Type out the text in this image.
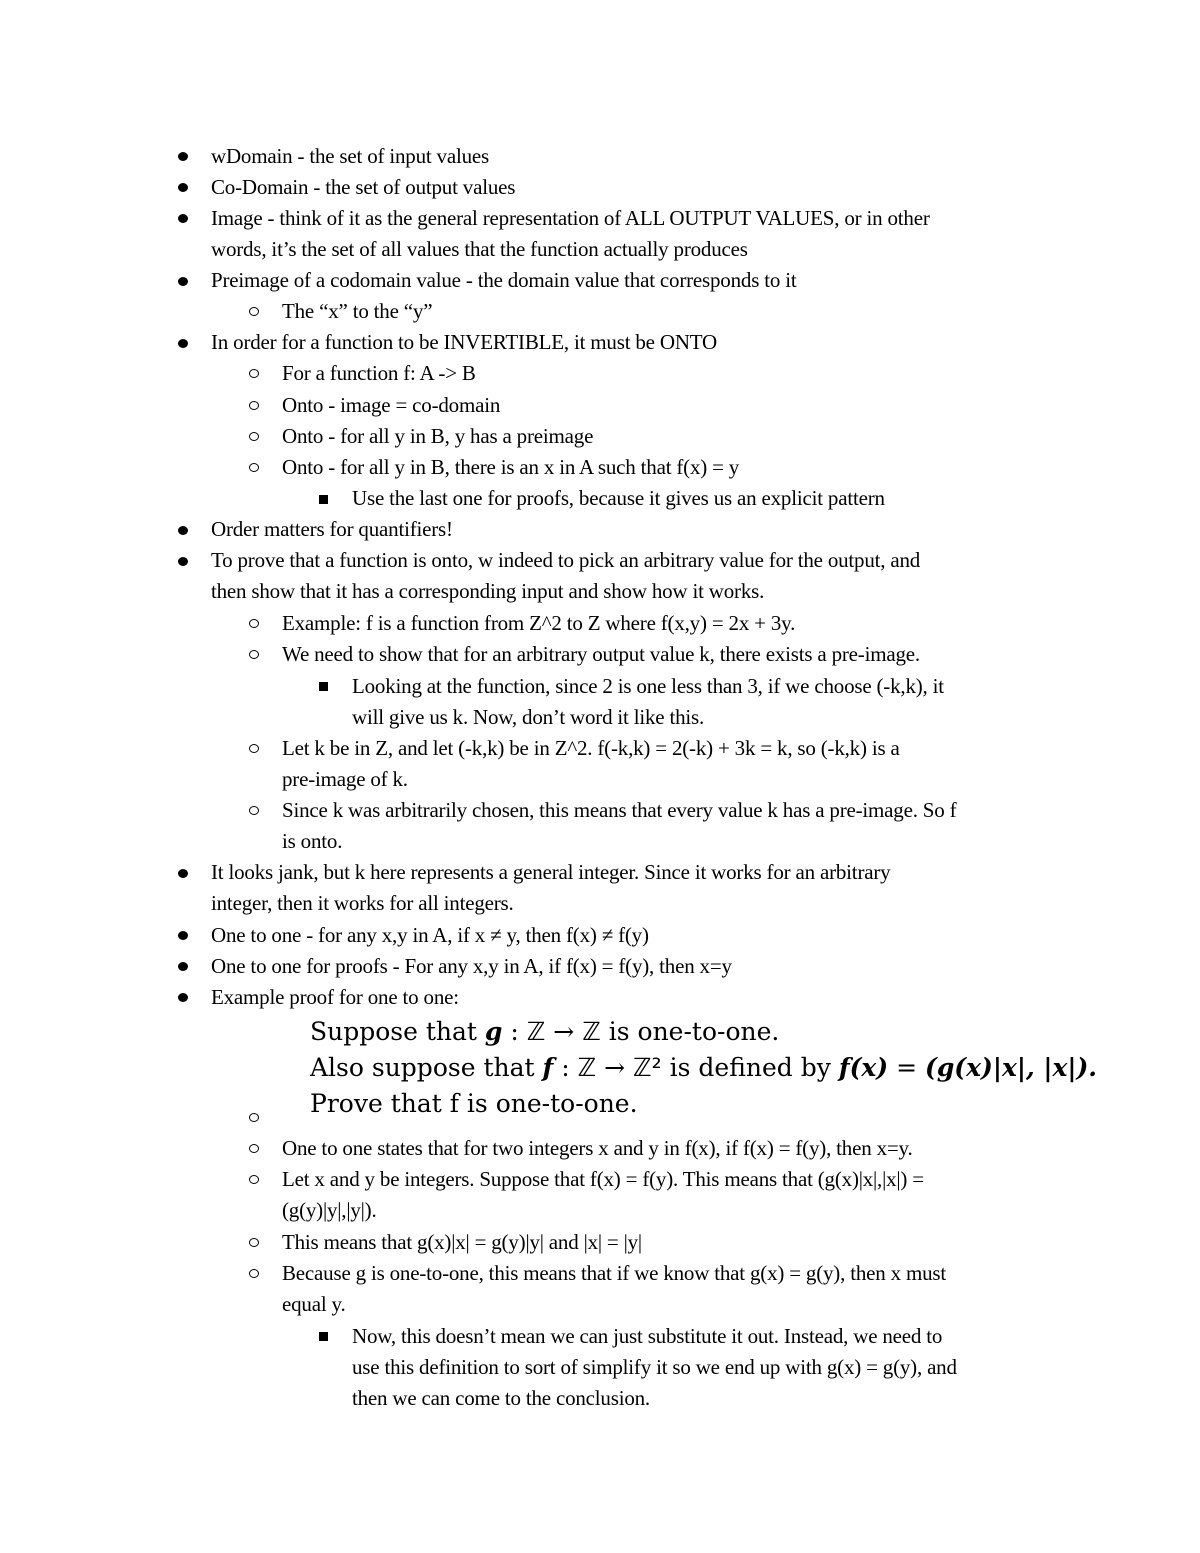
wDomain - the set of input values
Co-Domain - the set of output values
Image - think of it as the general representation of ALL OUTPUT VALUES, or in other
words, it’s the set of all values that the function actually produces
Preimage of a codomain value - the domain value that corresponds to it
The “x” to the “y”
In order for a function to be INVERTIBLE, it must be ONTO
For a function f: A -> B
Onto - image = co-domain
Onto - for all y in B, y has a preimage
Onto - for all y in B, there is an x in A such that f(x) = y
Use the last one for proofs, because it gives us an explicit pattern
Order matters for quantifiers!
To prove that a function is onto, w indeed to pick an arbitrary value for the output, and
then show that it has a corresponding input and show how it works.
Example: f is a function from Z^2 to Z where f(x,y) = 2x + 3y.
We need to show that for an arbitrary output value k, there exists a pre-image.
Looking at the function, since 2 is one less than 3, if we choose (-k,k), it
will give us k. Now, don’t word it like this.
Let k be in Z, and let (-k,k) be in Z^2. f(-k,k) = 2(-k) + 3k = k, so (-k,k) is a
pre-image of k.
Since k was arbitrarily chosen, this means that every value k has a pre-image. So f
is onto.
It looks jank, but k here represents a general integer. Since it works for an arbitrary
integer, then it works for all integers.
One to one - for any x,y in A, if x ≠ y, then f(x) ≠ f(y)
One to one for proofs - For any x,y in A, if f(x) = f(y), then x=y
Example proof for one to one:
Suppose that g : ℤ → ℤ is one-to-one.
Also suppose that f : ℤ → ℤ² is defined by f(x) = (g(x)|x|, |x|).
Prove that f is one-to-one.
One to one states that for two integers x and y in f(x), if f(x) = f(y), then x=y.
Let x and y be integers. Suppose that f(x) = f(y). This means that (g(x)|x|,|x|) =
(g(y)|y|,|y|).
This means that g(x)|x| = g(y)|y| and |x| = |y|
Because g is one-to-one, this means that if we know that g(x) = g(y), then x must
equal y.
Now, this doesn’t mean we can just substitute it out. Instead, we need to
use this definition to sort of simplify it so we end up with g(x) = g(y), and
then we can come to the conclusion.
